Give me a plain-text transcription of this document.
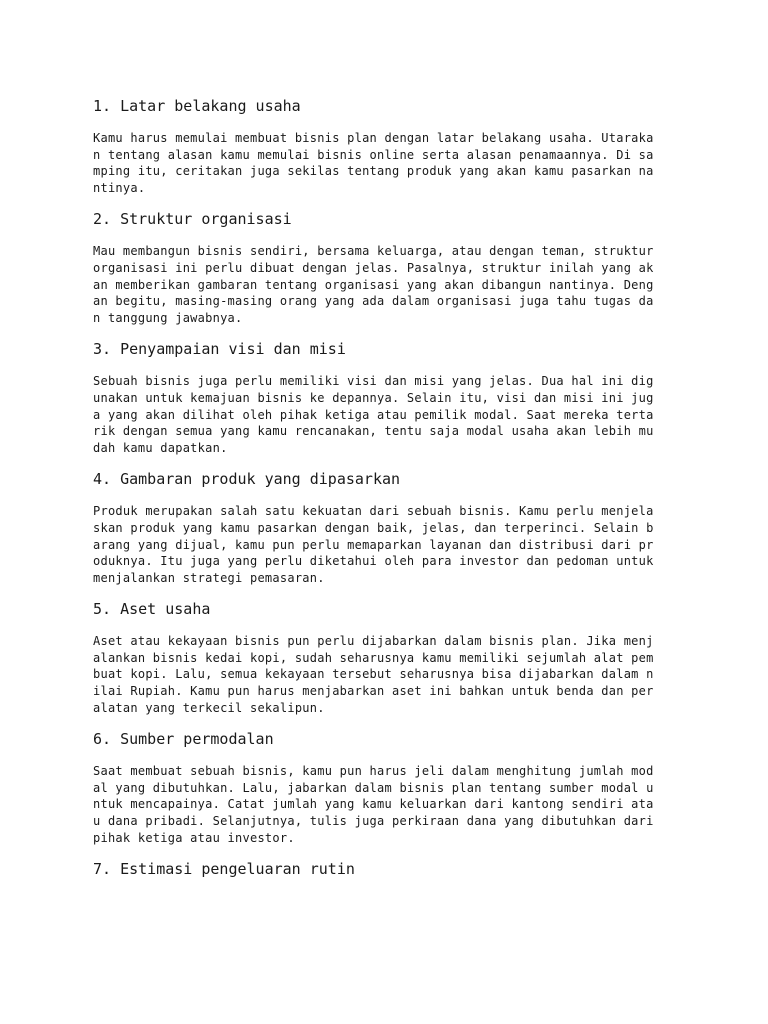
1. Latar belakang usaha
Kamu harus memulai membuat bisnis plan dengan latar belakang usaha. Utaraka
n tentang alasan kamu memulai bisnis online serta alasan penamaannya. Di sa
mping itu, ceritakan juga sekilas tentang produk yang akan kamu pasarkan na
ntinya.
2. Struktur organisasi
Mau membangun bisnis sendiri, bersama keluarga, atau dengan teman, struktur
organisasi ini perlu dibuat dengan jelas. Pasalnya, struktur inilah yang ak
an memberikan gambaran tentang organisasi yang akan dibangun nantinya. Deng
an begitu, masing-masing orang yang ada dalam organisasi juga tahu tugas da
n tanggung jawabnya.
3. Penyampaian visi dan misi
Sebuah bisnis juga perlu memiliki visi dan misi yang jelas. Dua hal ini dig
unakan untuk kemajuan bisnis ke depannya. Selain itu, visi dan misi ini jug
a yang akan dilihat oleh pihak ketiga atau pemilik modal. Saat mereka terta
rik dengan semua yang kamu rencanakan, tentu saja modal usaha akan lebih mu
dah kamu dapatkan.
4. Gambaran produk yang dipasarkan
Produk merupakan salah satu kekuatan dari sebuah bisnis. Kamu perlu menjela
skan produk yang kamu pasarkan dengan baik, jelas, dan terperinci. Selain b
arang yang dijual, kamu pun perlu memaparkan layanan dan distribusi dari pr
oduknya. Itu juga yang perlu diketahui oleh para investor dan pedoman untuk
menjalankan strategi pemasaran.
5. Aset usaha
Aset atau kekayaan bisnis pun perlu dijabarkan dalam bisnis plan. Jika menj
alankan bisnis kedai kopi, sudah seharusnya kamu memiliki sejumlah alat pem
buat kopi. Lalu, semua kekayaan tersebut seharusnya bisa dijabarkan dalam n
ilai Rupiah. Kamu pun harus menjabarkan aset ini bahkan untuk benda dan per
alatan yang terkecil sekalipun.
6. Sumber permodalan
Saat membuat sebuah bisnis, kamu pun harus jeli dalam menghitung jumlah mod
al yang dibutuhkan. Lalu, jabarkan dalam bisnis plan tentang sumber modal u
ntuk mencapainya. Catat jumlah yang kamu keluarkan dari kantong sendiri ata
u dana pribadi. Selanjutnya, tulis juga perkiraan dana yang dibutuhkan dari
pihak ketiga atau investor.
7. Estimasi pengeluaran rutin
